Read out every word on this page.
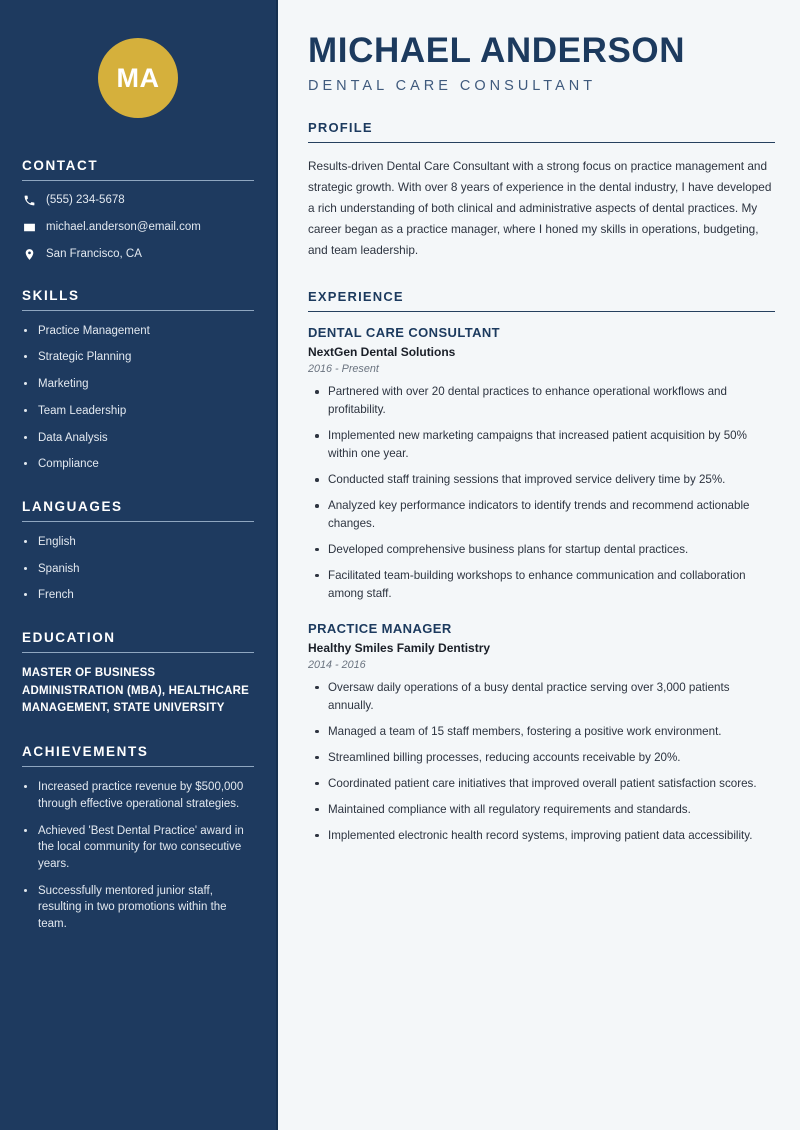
MA
CONTACT
(555) 234-5678
michael.anderson@email.com
San Francisco, CA
SKILLS
Practice Management
Strategic Planning
Marketing
Team Leadership
Data Analysis
Compliance
LANGUAGES
English
Spanish
French
EDUCATION
MASTER OF BUSINESS ADMINISTRATION (MBA), HEALTHCARE MANAGEMENT, STATE UNIVERSITY
ACHIEVEMENTS
Increased practice revenue by $500,000 through effective operational strategies.
Achieved 'Best Dental Practice' award in the local community for two consecutive years.
Successfully mentored junior staff, resulting in two promotions within the team.
MICHAEL ANDERSON
DENTAL CARE CONSULTANT
PROFILE

Results-driven Dental Care Consultant with a strong focus on practice management and strategic growth. With over 8 years of experience in the dental industry, I have developed a rich understanding of both clinical and administrative aspects of dental practices. My career began as a practice manager, where I honed my skills in operations, budgeting, and team leadership.

EXPERIENCE
DENTAL CARE CONSULTANT
NextGen Dental Solutions
2016 - Present
Partnered with over 20 dental practices to enhance operational workflows and profitability.
Implemented new marketing campaigns that increased patient acquisition by 50% within one year.
Conducted staff training sessions that improved service delivery time by 25%.
Analyzed key performance indicators to identify trends and recommend actionable changes.
Developed comprehensive business plans for startup dental practices.
Facilitated team-building workshops to enhance communication and collaboration among staff.
PRACTICE MANAGER
Healthy Smiles Family Dentistry
2014 - 2016
Oversaw daily operations of a busy dental practice serving over 3,000 patients annually.
Managed a team of 15 staff members, fostering a positive work environment.
Streamlined billing processes, reducing accounts receivable by 20%.
Coordinated patient care initiatives that improved overall patient satisfaction scores.
Maintained compliance with all regulatory requirements and standards.
Implemented electronic health record systems, improving patient data accessibility.
